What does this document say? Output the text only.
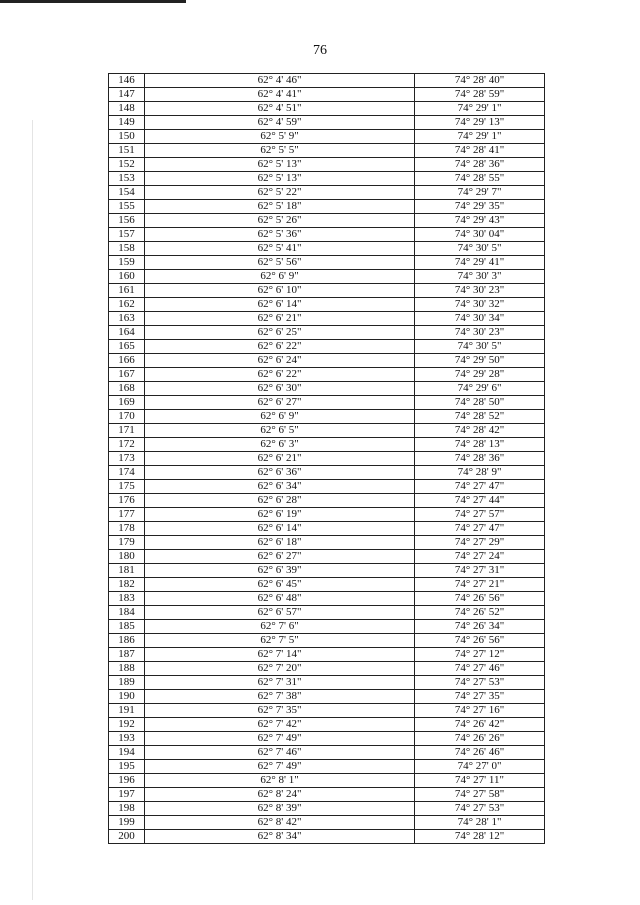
76
146	62° 4' 46"	74° 28' 40"
147	62° 4' 41"	74° 28' 59"
148	62° 4' 51"	74° 29' 1"
149	62° 4' 59"	74° 29' 13"
150	62° 5' 9"	74° 29' 1"
151	62° 5' 5"	74° 28' 41"
152	62° 5' 13"	74° 28' 36"
153	62° 5' 13"	74° 28' 55"
154	62° 5' 22"	74° 29' 7"
155	62° 5' 18"	74° 29' 35"
156	62° 5' 26"	74° 29' 43"
157	62° 5' 36"	74° 30' 04"
158	62° 5' 41"	74° 30' 5"
159	62° 5' 56"	74° 29' 41"
160	62° 6' 9"	74° 30' 3"
161	62° 6' 10"	74° 30' 23"
162	62° 6' 14"	74° 30' 32"
163	62° 6' 21"	74° 30' 34"
164	62° 6' 25"	74° 30' 23"
165	62° 6' 22"	74° 30' 5"
166	62° 6' 24"	74° 29' 50"
167	62° 6' 22"	74° 29' 28"
168	62° 6' 30"	74° 29' 6"
169	62° 6' 27"	74° 28' 50"
170	62° 6' 9"	74° 28' 52"
171	62° 6' 5"	74° 28' 42"
172	62° 6' 3"	74° 28' 13"
173	62° 6' 21"	74° 28' 36"
174	62° 6' 36"	74° 28' 9"
175	62° 6' 34"	74° 27' 47"
176	62° 6' 28"	74° 27' 44"
177	62° 6' 19"	74° 27' 57"
178	62° 6' 14"	74° 27' 47"
179	62° 6' 18"	74° 27' 29"
180	62° 6' 27"	74° 27' 24"
181	62° 6' 39"	74° 27' 31"
182	62° 6' 45"	74° 27' 21"
183	62° 6' 48"	74° 26' 56"
184	62° 6' 57"	74° 26' 52"
185	62° 7' 6"	74° 26' 34"
186	62° 7' 5"	74° 26' 56"
187	62° 7' 14"	74° 27' 12"
188	62° 7' 20"	74° 27' 46"
189	62° 7' 31"	74° 27' 53"
190	62° 7' 38"	74° 27' 35"
191	62° 7' 35"	74° 27' 16"
192	62° 7' 42"	74° 26' 42"
193	62° 7' 49"	74° 26' 26"
194	62° 7' 46"	74° 26' 46"
195	62° 7' 49"	74° 27' 0"
196	62° 8' 1"	74° 27' 11"
197	62° 8' 24"	74° 27' 58"
198	62° 8' 39"	74° 27' 53"
199	62° 8' 42"	74° 28' 1"
200	62° 8' 34"	74° 28' 12"
